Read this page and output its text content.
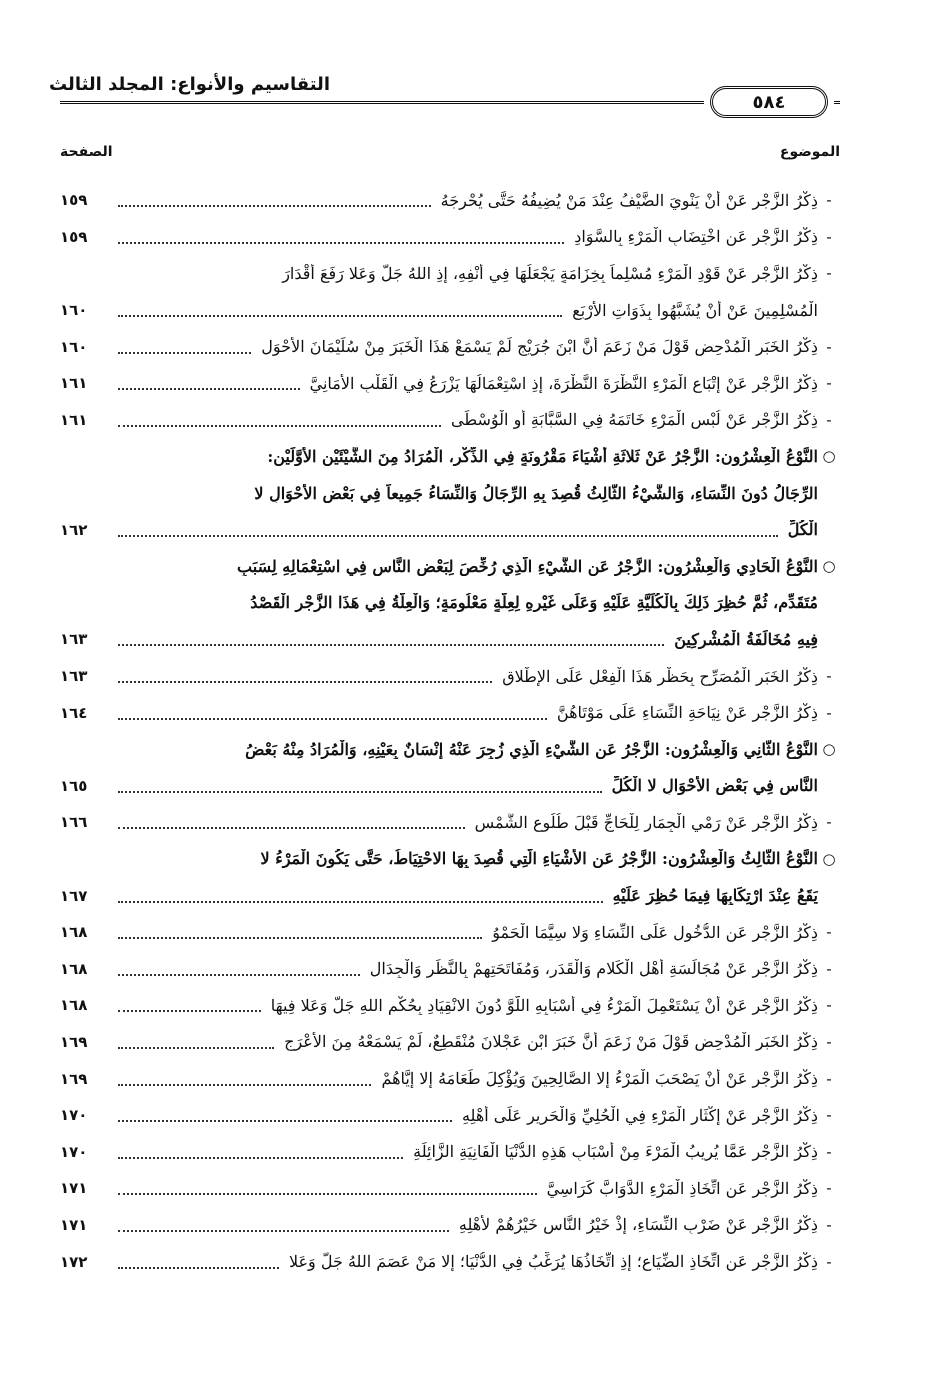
التقاسيم والأنواع: المجلد الثالث
٥٨٤
الموضوع
الصفحة
-
ذِكْرُ الزَّجْرِ عَنْ أَنْ يَنْوِيَ الضَّيْفُ عِنْدَ مَنْ يُضِيفُهُ حَتَّى يُحْرِجَهُ
١٥٩
-
ذِكْرُ الزَّجْرِ عَنِ اخْتِضَابِ الْمَرْءِ بِالسَّوَادِ
١٥٩
-
ذِكْرُ الزَّجْرِ عَنْ قَوْدِ الْمَرْءِ مُسْلِماً بِخِزَامَةٍ يَجْعَلُهَا فِي أَنْفِهِ، إِذِ اللهُ جَلَّ وَعَلا رَفَعَ أَقْدَارَ
الْمُسْلِمِينَ عَنْ أَنْ يُشَبَّهُوا بِذَوَاتِ الأَرْبَعِ
١٦٠
-
ذِكْرُ الخَبَرِ الْمُدْحِضِ قَوْلَ مَنْ زَعَمَ أَنَّ ابْنَ جُرَيْجٍ لَمْ يَسْمَعْ هَذَا الْخَبَرَ مِنْ سُلَيْمَانَ الأَحْوَلِ
١٦٠
-
ذِكْرُ الزَّجْرِ عَنْ إِتْبَاعِ الْمَرْءِ النَّظْرَةَ النَّظْرَةَ، إِذِ اسْتِعْمَالُهَا يَزْرَعُ فِي الْقَلْبِ الأَمَانِيَّ
١٦١
-
ذِكْرُ الزَّجْرِ عَنْ لُبْسِ الْمَرْءِ خَاتَمَهُ فِي السَّبَّابَةِ أَوِ الْوُسْطَى
١٦١
○
النَّوْعُ الْعِشْرُون: الزَّجْرُ عَنْ ثَلاثَةِ أَشْيَاءَ مَقْرُونَةٍ فِي الذِّكْرِ، الْمُرَادُ مِنَ الشَّيْئَيْنِ الأَوَّلَيْنِ:
الرِّجَالُ دُونَ النِّسَاءِ، وَالشَّيْءُ الثَّالِثُ قُصِدَ بِهِ الرِّجَالُ وَالنِّسَاءُ جَمِيعاً فِي بَعْضِ الأَحْوَالِ لا
الْكُلِّ
١٦٢
○
النَّوْعُ الْحَادِي وَالْعِشْرُون: الزَّجْرُ عَنِ الشَّيْءِ الَّذِي رُخِّصَ لِبَعْضِ النَّاسِ فِي اسْتِعْمَالِهِ لِسَبَبٍ
مُتَقَدِّمٍ، ثُمَّ حُظِرَ ذَلِكَ بِالْكُلِّيَّةِ عَلَيْهِ وَعَلَى غَيْرِهِ لِعِلَّةٍ مَعْلُومَةٍ؛ وَالْعِلَّةُ فِي هَذَا الزَّجْرِ الْقَصْدُ
فِيهِ مُخَالَفَةُ الْمُشْرِكِينَ
١٦٣
-
ذِكْرُ الخَبَرِ الْمُصَرِّحِ بِحَظْرِ هَذَا الْفِعْلِ عَلَى الإِطْلاقِ
١٦٣
-
ذِكْرُ الزَّجْرِ عَنْ نِيَاحَةِ النِّسَاءِ عَلَى مَوْتَاهُنَّ
١٦٤
○
النَّوْعُ الثَّانِي وَالْعِشْرُون: الزَّجْرُ عَنِ الشَّيْءِ الَّذِي زُجِرَ عَنْهُ إِنْسَانٌ بِعَيْنِهِ، وَالْمُرَادُ مِنْهُ بَعْضُ
النَّاسِ فِي بَعْضِ الأَحْوَالِ لا الْكُلِّ
١٦٥
-
ذِكْرُ الزَّجْرِ عَنْ رَمْيِ الْجِمَارِ لِلْحَاجِّ قَبْلَ طُلُوعِ الشَّمْسِ
١٦٦
○
النَّوْعُ الثَّالِثُ وَالْعِشْرُون: الزَّجْرُ عَنِ الأَشْيَاءِ الَّتِي قُصِدَ بِهَا الاحْتِيَاطُ، حَتَّى يَكُونَ الْمَرْءُ لا
يَقَعُ عِنْدَ ارْتِكَابِهَا فِيمَا حُظِرَ عَلَيْهِ
١٦٧
-
ذِكْرُ الزَّجْرِ عَنِ الدُّخُولِ عَلَى النِّسَاءِ وَلا سِيَّمَا الْحَمْوُ
١٦٨
-
ذِكْرُ الزَّجْرِ عَنْ مُجَالَسَةِ أَهْلِ الْكَلامِ وَالْقَدَرِ، وَمُفَاتَحَتِهِمْ بِالنَّظَرِ وَالْجِدَالِ
١٦٨
-
ذِكْرُ الزَّجْرِ عَنْ أَنْ يَسْتَعْمِلَ الْمَرْءُ فِي أَسْبَابِهِ اللَّوَّ دُونَ الانْقِيَادِ بِحُكْمِ اللهِ جَلَّ وَعَلا فِيهَا
١٦٨
-
ذِكْرُ الخَبَرِ الْمُدْحِضِ قَوْلَ مَنْ زَعَمَ أَنَّ خَبَرَ ابْنِ عَجْلانَ مُنْقَطِعٌ، لَمْ يَسْمَعْهُ مِنَ الأَعْرَجِ
١٦٩
-
ذِكْرُ الزَّجْرِ عَنْ أَنْ يَصْحَبَ الْمَرْءُ إِلا الصَّالِحِينَ وَيُؤْكِلَ طَعَامَهُ إِلا إِيَّاهُمْ
١٦٩
-
ذِكْرُ الزَّجْرِ عَنْ إِكْثَارِ الْمَرْءِ فِي الْحُلِيِّ وَالْحَرِيرِ عَلَى أَهْلِهِ
١٧٠
-
ذِكْرُ الزَّجْرِ عَمَّا يُرِيبُ الْمَرْءَ مِنْ أَسْبَابِ هَذِهِ الدُّنْيَا الْفَانِيَةِ الزَّائِلَةِ
١٧٠
-
ذِكْرُ الزَّجْرِ عَنِ اتِّخَاذِ الْمَرْءِ الدَّوَابَّ كَرَاسِيَّ
١٧١
-
ذِكْرُ الزَّجْرِ عَنْ ضَرْبِ النِّسَاءِ، إِذْ خَيْرُ النَّاسِ خَيْرُهُمْ لأَهْلِهِ
١٧١
-
ذِكْرُ الزَّجْرِ عَنِ اتِّخَاذِ الضِّيَاعِ؛ إِذِ اتِّخَاذُهَا يُرَغِّبُ فِي الدُّنْيَا؛ إِلا مَنْ عَصَمَ اللهُ جَلَّ وَعَلا
١٧٢
